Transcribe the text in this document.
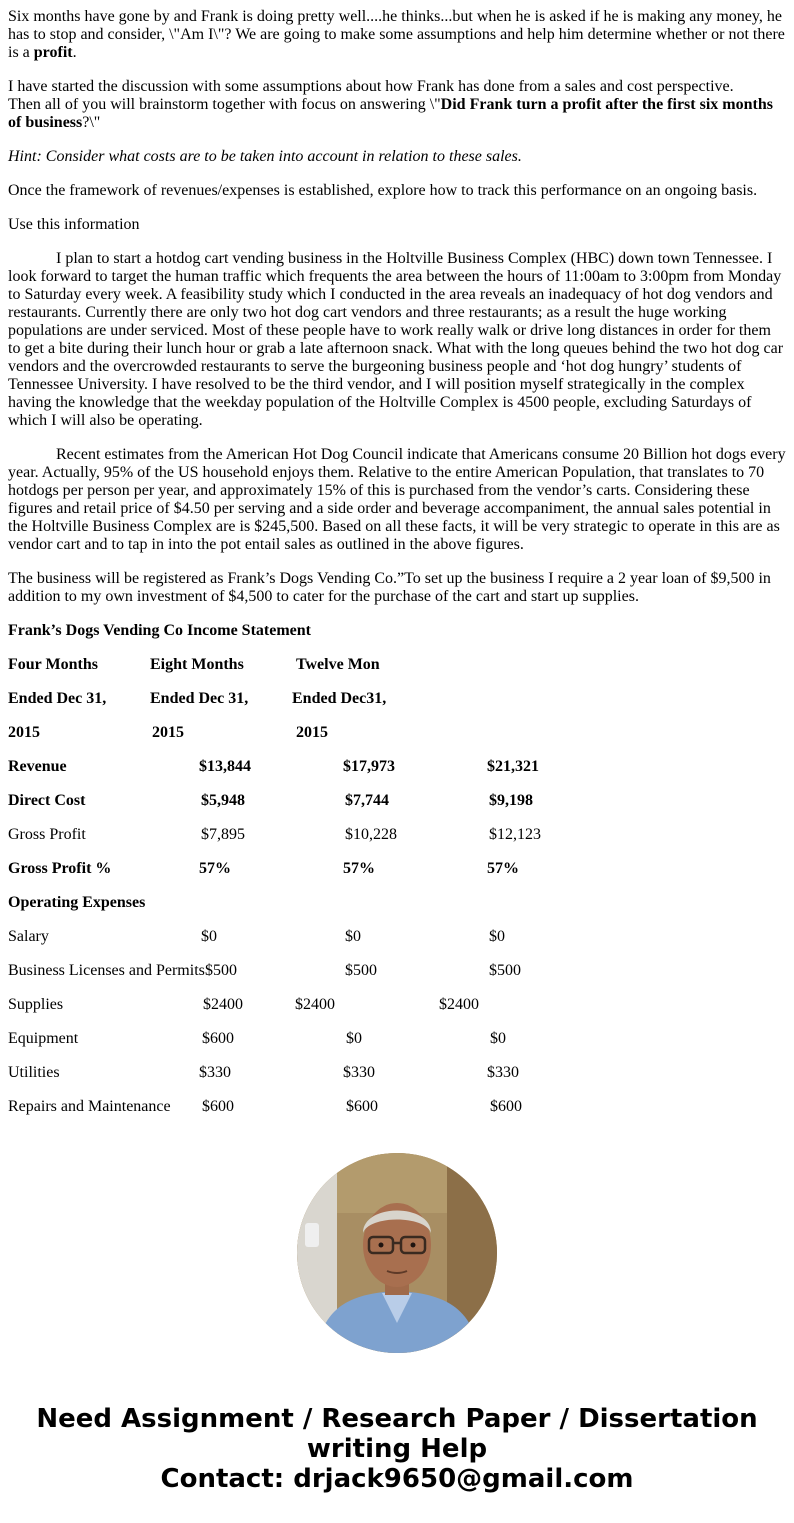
Six months have gone by and Frank is doing pretty well....he thinks...but when he is asked if he is making any money, he has to stop and consider, \"Am I\"? We are going to make some assumptions and help him determine whether or not there is a profit.

I have started the discussion with some assumptions about how Frank has done from a sales and cost perspective.
Then all of you will brainstorm together with focus on answering \"Did Frank turn a profit after the first six months of business?\"

Hint: Consider what costs are to be taken into account in relation to these sales.

Once the framework of revenues/expenses is established, explore how to track this performance on an ongoing basis.

Use this information

I plan to start a hotdog cart vending business in the Holtville Business Complex (HBC) down town Tennessee. I look forward to target the human traffic which frequents the area between the hours of 11:00am to 3:00pm from Monday to Saturday every week. A feasibility study which I conducted in the area reveals an inadequacy of hot dog vendors and restaurants. Currently there are only two hot dog cart vendors and three restaurants; as a result the huge working populations are under serviced. Most of these people have to work really walk or drive long distances in order for them to get a bite during their lunch hour or grab a late afternoon snack. What with the long queues behind the two hot dog car vendors and the overcrowded restaurants to serve the burgeoning business people and ‘hot dog hungry’ students of Tennessee University. I have resolved to be the third vendor, and I will position myself strategically in the complex having the knowledge that the weekday population of the Holtville Complex is 4500 people, excluding Saturdays of which I will also be operating.

Recent estimates from the American Hot Dog Council indicate that Americans consume 20 Billion hot dogs every year. Actually, 95% of the US household enjoys them. Relative to the entire American Population, that translates to 70 hotdogs per person per year, and approximately 15% of this is purchased from the vendor’s carts. Considering these figures and retail price of $4.50 per serving and a side order and beverage accompaniment, the annual sales potential in the Holtville Business Complex are is $245,500. Based on all these facts, it will be very strategic to operate in this are as vendor cart and to tap in into the pot entail sales as outlined in the above figures.

The business will be registered as Frank’s Dogs Vending Co.”To set up the business I require a 2 year loan of $9,500 in addition to my own investment of $4,500 to cater for the purchase of the cart and start up supplies.

Frank’s Dogs Vending Co Income Statement
Four Months	Eight Months	Twelve Mon
Ended Dec 31,	Ended Dec 31,	Ended Dec31,
2015	2015	2015
Revenue	$13,844	$17,973	$21,321
Direct Cost	$5,948	$7,744	$9,198
Gross Profit	$7,895	$10,228	$12,123
Gross Profit %	57%	57%	57%
Operating Expenses
Salary	$0	$0	$0
Business Licenses and Permits $500	$500	$500
Supplies	$2400	$2400	$2400
Equipment	$600	$0	$0
Utilities	$330	$330	$330
Repairs and Maintenance $600	$600	$600
Need Assignment / Research Paper / Dissertation writing Help
Contact: drjack9650@gmail.com
